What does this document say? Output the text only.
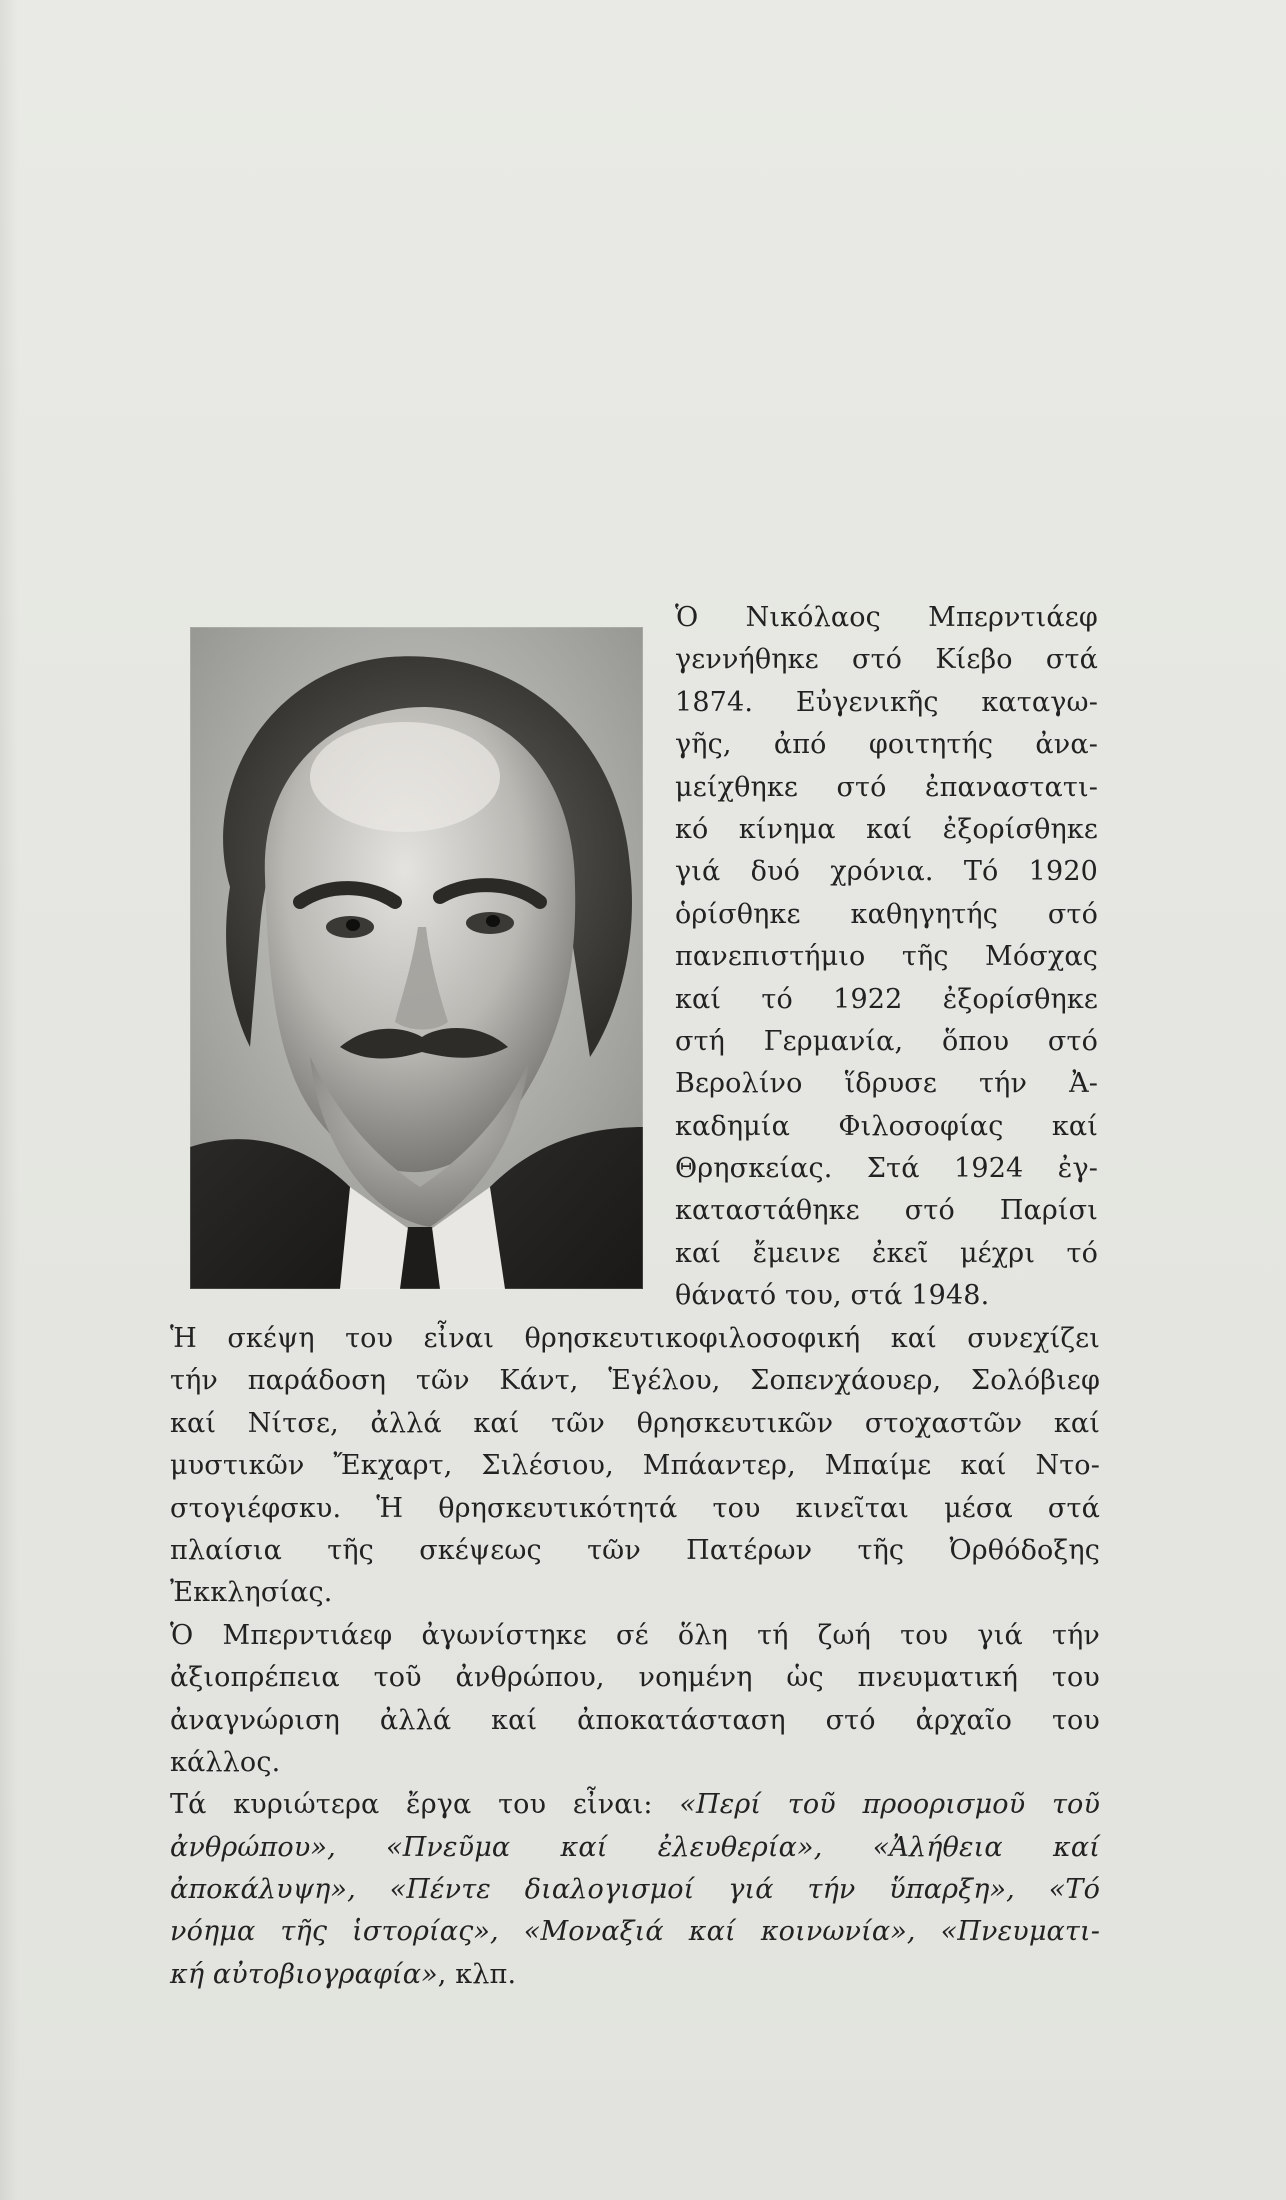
Ὁ Νικόλαος Μπερντιάεφ
γεννήθηκε στό Κίεβο στά
1874. Εὐγενικῆς καταγω-
γῆς, ἀπό φοιτητής ἀνα-
μείχθηκε στό ἐπαναστατι-
κό κίνημα καί ἐξορίσθηκε
γιά δυό χρόνια. Τό 1920
ὁρίσθηκε καθηγητής στό
πανεπιστήμιο τῆς Μόσχας
καί τό 1922 ἐξορίσθηκε
στή Γερμανία, ὅπου στό
Βερολίνο ἵδρυσε τήν Ἀ-
καδημία Φιλοσοφίας καί
Θρησκείας. Στά 1924 ἐγ-
καταστάθηκε στό Παρίσι
καί ἔμεινε ἐκεῖ μέχρι τό
θάνατό του, στά 1948.
Ἡ σκέψη του εἶναι θρησκευτικοφιλοσοφική καί συνεχίζει
τήν παράδοση τῶν Κάντ, Ἑγέλου, Σοπενχάουερ, Σολόβιεφ
καί Νίτσε, ἀλλά καί τῶν θρησκευτικῶν στοχαστῶν καί
μυστικῶν Ἔκχαρτ, Σιλέσιου, Μπάαντερ, Μπαίμε καί Ντο-
στογιέφσκυ. Ἡ θρησκευτικότητά του κινεῖται μέσα στά
πλαίσια τῆς σκέψεως τῶν Πατέρων τῆς Ὀρθόδοξης
Ἐκκλησίας.
Ὁ Μπερντιάεφ ἀγωνίστηκε σέ ὅλη τή ζωή του γιά τήν
ἀξιοπρέπεια τοῦ ἀνθρώπου, νοημένη ὡς πνευματική του
ἀναγνώριση ἀλλά καί ἀποκατάσταση στό ἀρχαῖο του
κάλλος.
Τά κυριώτερα ἔργα του εἶναι: «Περί τοῦ προορισμοῦ τοῦ
ἀνθρώπου», «Πνεῦμα καί ἐλευθερία», «Ἀλήθεια καί
ἀποκάλυψη», «Πέντε διαλογισμοί γιά τήν ὕπαρξη», «Τό
νόημα τῆς ἱστορίας», «Μοναξιά καί κοινωνία», «Πνευματι-
κή αὐτοβιογραφία», κλπ.
